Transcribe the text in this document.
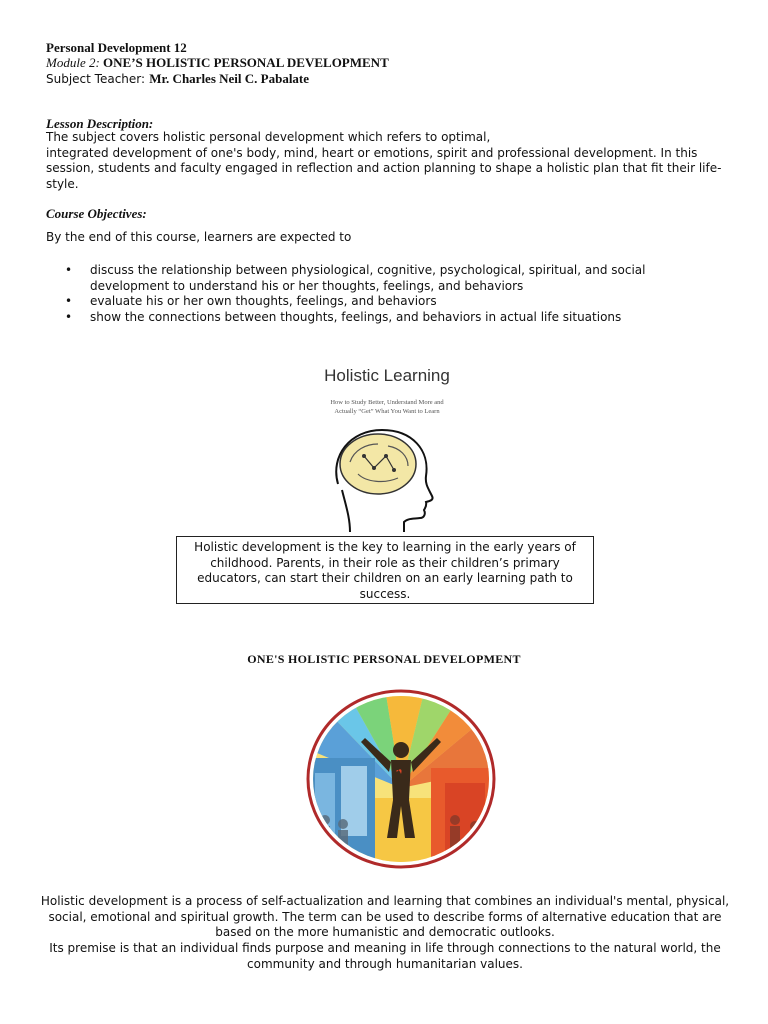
Personal Development 12
Module 2: ONE’S HOLISTIC PERSONAL DEVELOPMENT
Subject Teacher: Mr. Charles Neil C. Pabalate
Lesson Description:
The subject covers holistic personal development which refers to optimal,
integrated development of one's body, mind, heart or emotions, spirit and professional development. In this
session, students and faculty engaged in reflection and action planning to shape a holistic plan that fit their life-
style.
Course Objectives:
By the end of this course, learners are expected to
• discuss the relationship between physiological, cognitive, psychological, spiritual, and social development to understand his or her thoughts, feelings, and behaviors
• evaluate his or her own thoughts, feelings, and behaviors
• show the connections between thoughts, feelings, and behaviors in actual life situations
Holistic Learning
How to Study Better, Understand More and
Actually “Get” What You Want to Learn
Holistic development is the key to learning in the early years of childhood. Parents, in their role as their children’s primary educators, can start their children on an early learning path to success.
ONE'S HOLISTIC PERSONAL DEVELOPMENT
Holistic development is a process of self-actualization and learning that combines an individual's mental, physical, social, emotional and spiritual growth. The term can be used to describe forms of alternative education that are based on the more humanistic and democratic outlooks.
Its premise is that an individual finds purpose and meaning in life through connections to the natural world, the community and through humanitarian values.
